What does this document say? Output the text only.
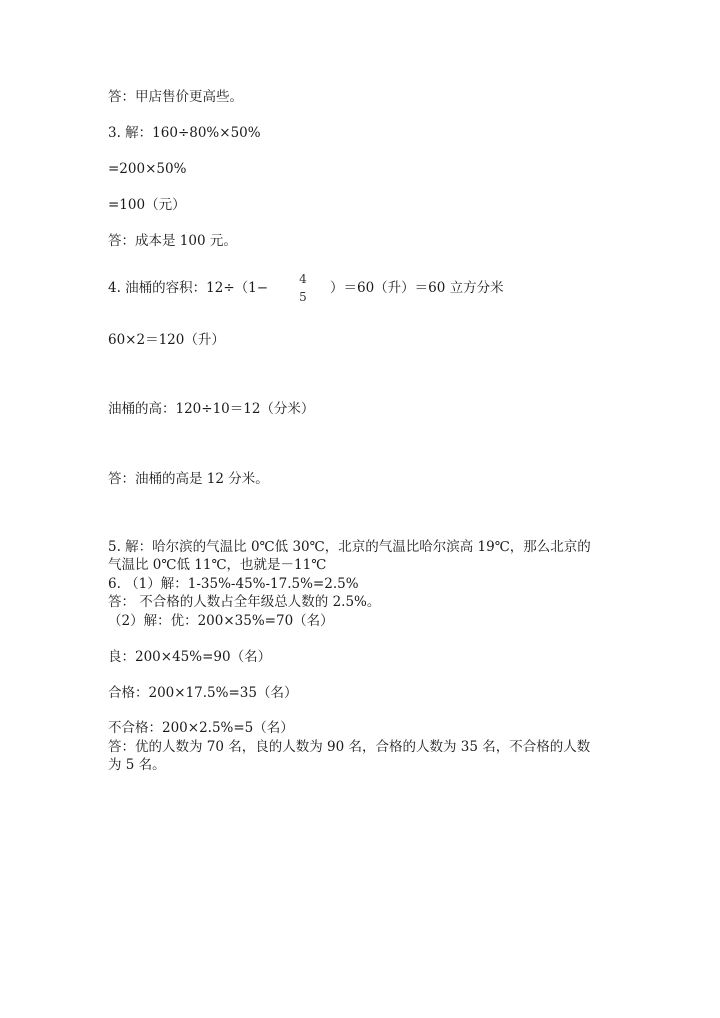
答：甲店售价更高些。
3. 解：160÷80%×50%
=200×50%
=100（元）
答：成本是 100 元。
4. 油桶的容积：12÷（1−
4
5
）＝60（升）＝60 立方分米
60×2＝120（升）
油桶的高：120÷10＝12（分米）
答：油桶的高是 12 分米。
5. 解：哈尔滨的气温比 0℃低 30℃，北京的气温比哈尔滨高 19℃，那么北京的
气温比 0℃低 11℃，也就是－11℃
6. （1）解：1-35%-45%-17.5%=2.5%
答： 不合格的人数占全年级总人数的 2.5%。
（2）解：优：200×35%=70（名）
良：200×45%=90（名）
合格：200×17.5%=35（名）
不合格：200×2.5%=5（名）
答：优的人数为 70 名，良的人数为 90 名，合格的人数为 35 名，不合格的人数
为 5 名。
